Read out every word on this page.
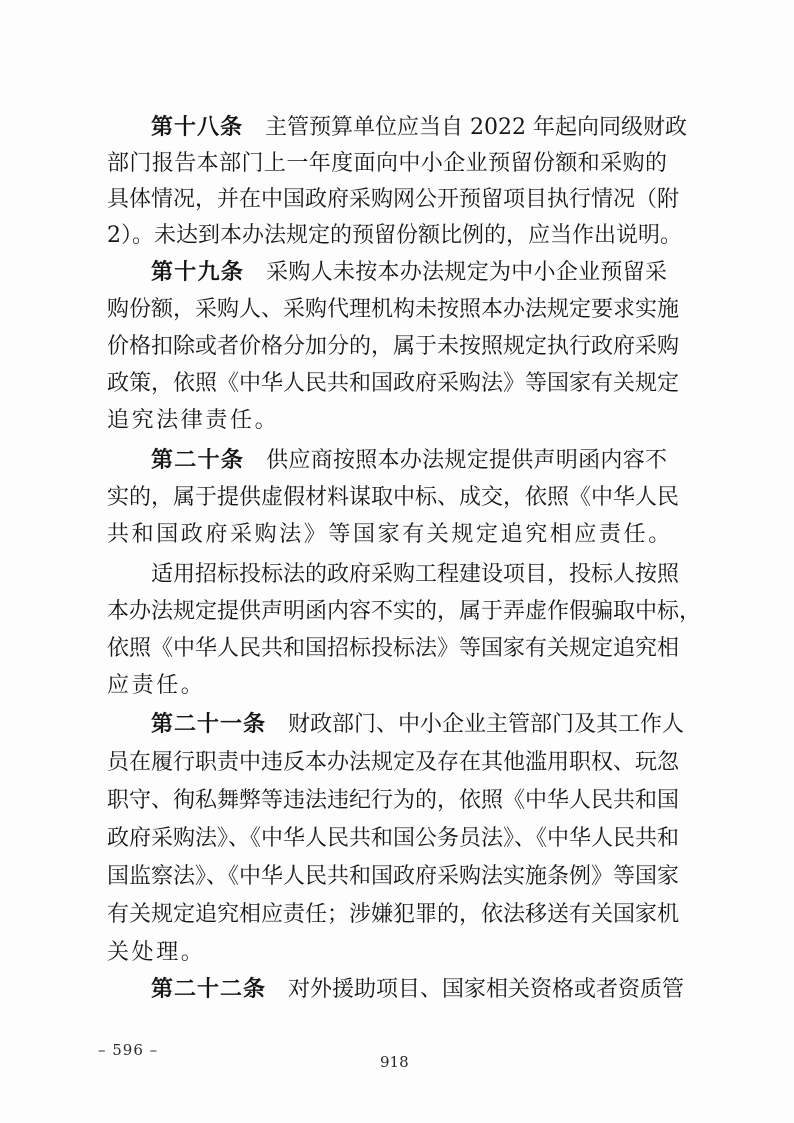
第十八条 主管预算单位应当自 2022 年起向同级财政
部门报告本部门上一年度面向中小企业预留份额和采购的
具体情况，并在中国政府采购网公开预留项目执行情况（附
2）。未达到本办法规定的预留份额比例的，应当作出说明。
第十九条 采购人未按本办法规定为中小企业预留采
购份额，采购人、采购代理机构未按照本办法规定要求实施
价格扣除或者价格分加分的，属于未按照规定执行政府采购
政策，依照《中华人民共和国政府采购法》等国家有关规定
追究法律责任。
第二十条 供应商按照本办法规定提供声明函内容不
实的，属于提供虚假材料谋取中标、成交，依照《中华人民
共和国政府采购法》等国家有关规定追究相应责任。
适用招标投标法的政府采购工程建设项目，投标人按照
本办法规定提供声明函内容不实的，属于弄虚作假骗取中标，
依照《中华人民共和国招标投标法》等国家有关规定追究相
应责任。
第二十一条 财政部门、中小企业主管部门及其工作人
员在履行职责中违反本办法规定及存在其他滥用职权、玩忽
职守、徇私舞弊等违法违纪行为的，依照《中华人民共和国
政府采购法》、《中华人民共和国公务员法》、《中华人民共和
国监察法》、《中华人民共和国政府采购法实施条例》等国家
有关规定追究相应责任；涉嫌犯罪的，依法移送有关国家机
关处理。
第二十二条 对外援助项目、国家相关资格或者资质管
– 596 –
918
